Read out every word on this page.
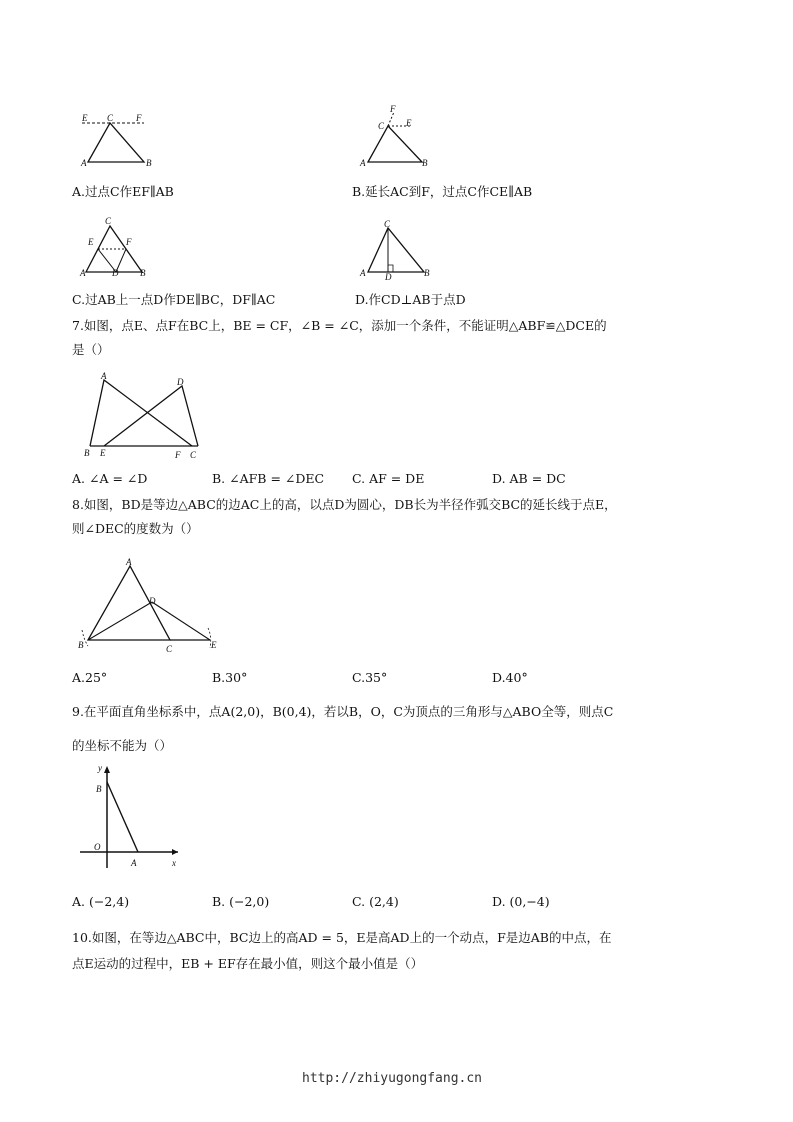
E C	F
A	B
F
C E
A	B
A.过点C作EF∥AB	B.延长AC到F，过点C作CE∥AB
C
E	F
A	D B
C
A D	B
C.过AB上一点D作DE∥BC，DF∥AC	D.作CD⊥AB于点D
7.如图，点E、点F在BC上，BE = CF，∠B = ∠C，添加一个条件，不能证明△ABF≌△DCE的
是（）
A
D
B E	F C
A. ∠A = ∠D	B. ∠AFB = ∠DEC C. AF = DE	D. AB = DC
8.如图，BD是等边△ABC的边AC上的高，以点D为圆心，DB长为半径作弧交BC的延长线于点E，
则∠DEC的度数为（）
A
D
B	C	E
A.25°	B.30°	C.35°	D.40°
9.在平面直角坐标系中，点A(2,0)，B(0,4)，若以B，O，C为顶点的三角形与△ABO全等，则点C
的坐标不能为（）
y
B
O
A	x
A. (−2,4)	B. (−2,0)	C. (2,4)	D. (0,−4)
10.如图，在等边△ABC中，BC边上的高AD = 5，E是高AD上的一个动点，F是边AB的中点，在
点E运动的过程中，EB + EF存在最小值，则这个最小值是（）
http://zhiyugongfang.cn
